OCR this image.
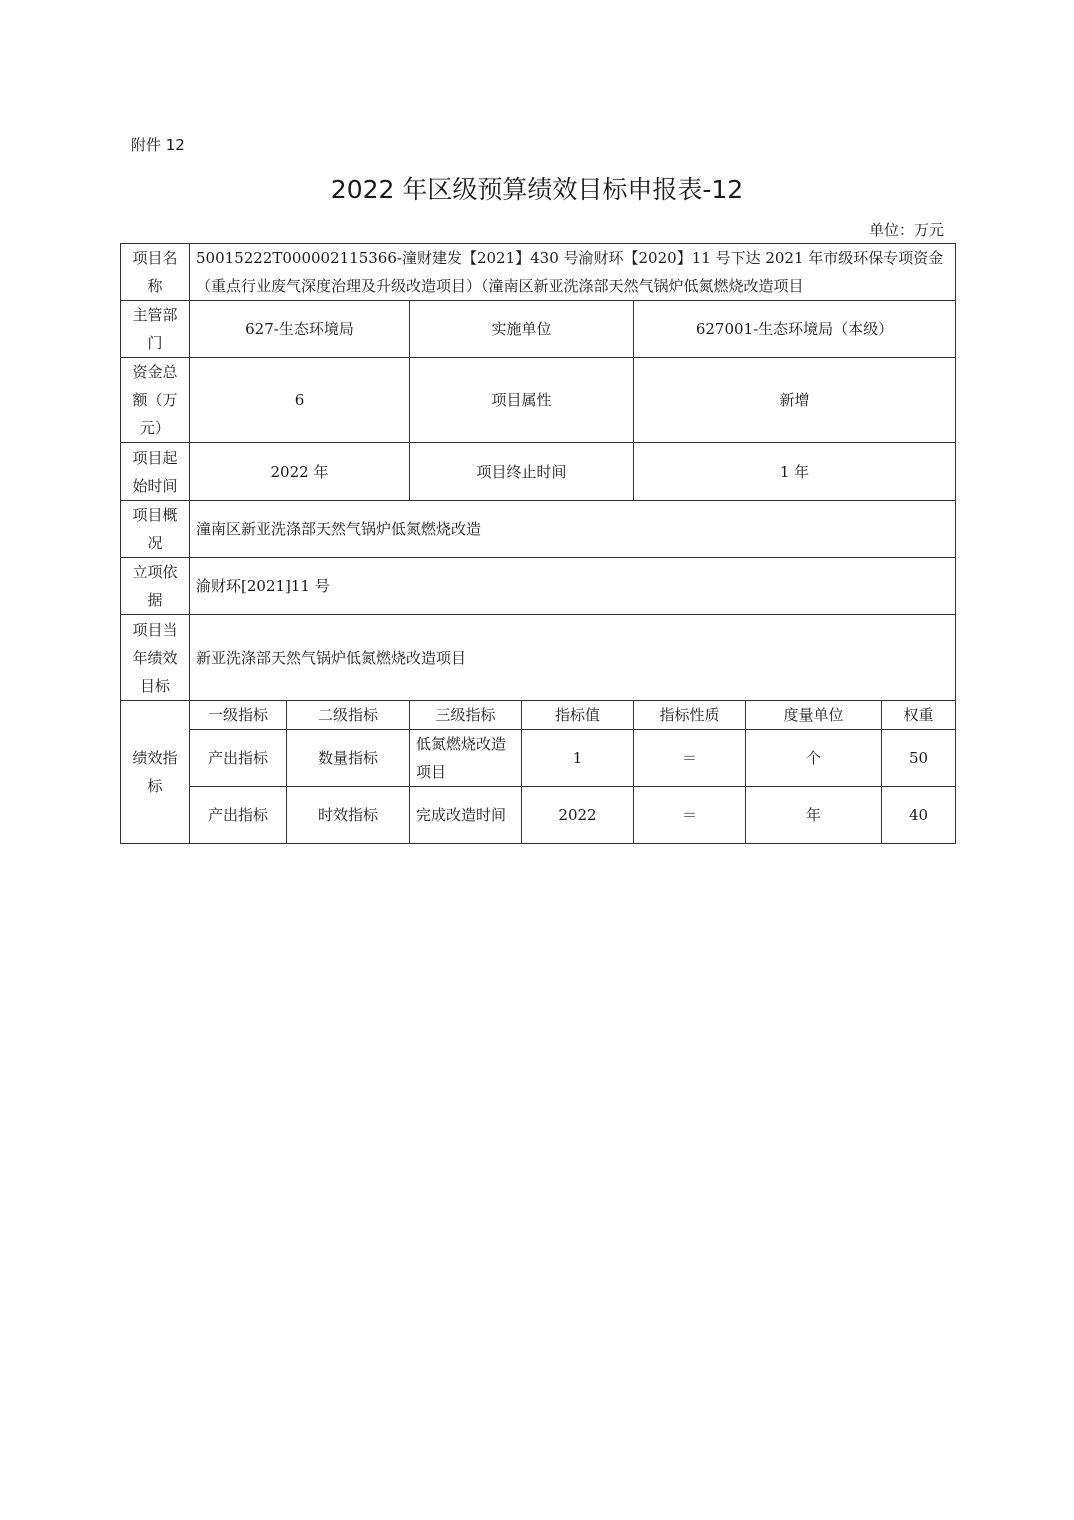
附件 12
2022 年区级预算绩效目标申报表-12
单位：万元
项目名称	50015222T000002115366-潼财建发【2021】430 号渝财环【2020】11 号下达 2021 年市级环保专项资金（重点行业废气深度治理及升级改造项目）（潼南区新亚洗涤部天然气锅炉低氮燃烧改造项目						
主管部门	627-生态环境局		实施单位		627001-生态环境局（本级）		
资金总额（万元）	6		项目属性		新增		
项目起始时间	2022 年		项目终止时间		1 年		
项目概况	潼南区新亚洗涤部天然气锅炉低氮燃烧改造						
立项依据	渝财环[2021]11 号						
项目当年绩效目标	新亚洗涤部天然气锅炉低氮燃烧改造项目						
绩效指标	一级指标	二级指标	三级指标	指标值	指标性质	度量单位	权重
	产出指标	数量指标	低氮燃烧改造项目	1	＝	个	50
	产出指标	时效指标	完成改造时间	2022	＝	年	40
